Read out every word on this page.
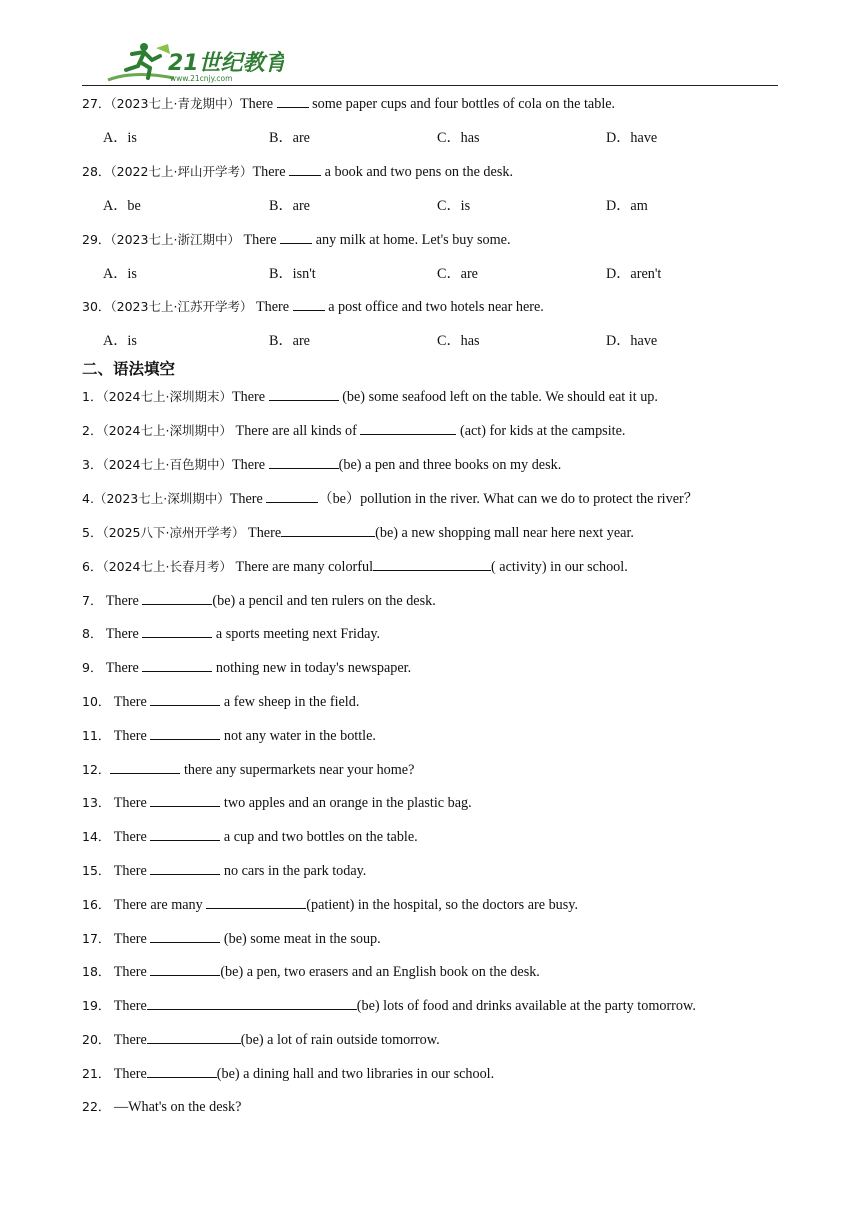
21世纪教育
www.21cnjy.com
27．（2023七上·青龙期中）There  some paper cups and four bottles of cola on the table.
A．is	B．are	C．has	D．have
28．（2022七上·坪山开学考）There  a book and two pens on the desk.
A．be	B．are	C．is	D．am
29．（2023七上·浙江期中） There  any milk at home. Let's buy some.
A．is	B．isn't	C．are	D．aren't
30．（2023七上·江苏开学考） There  a post office and two hotels near here.
A．is	B．are	C．has	D．have
二、语法填空
1．（2024七上·深圳期末）There	(be) some seafood left on the table. We should eat it up.
2．（2024七上·深圳期中） There are all kinds of	(act) for kids at the campsite.
3．（2024七上·百色期中）There	(be) a pen and three books on my desk.
4.（2023七上·深圳期中）There	（be）pollution in the river. What can we do to protect the river？
5．（2025八下·凉州开学考） There	(be) a new shopping mall near here next year.
6．（2024七上·长春月考） There are many colorful	( activity) in our school.
7． There	(be) a pencil and ten rulers on the desk.
8． There	a sports meeting next Friday.
9． There	nothing new in today's newspaper.
10． There	a few sheep in the field.
11． There	not any water in the bottle.
12．	there any supermarkets near your home?
13． There	two apples and an orange in the plastic bag.
14． There	a cup and two bottles on the table.
15． There	no cars in the park today.
16． There are many	(patient) in the hospital, so the doctors are busy.
17． There	(be) some meat in the soup.
18． There	(be) a pen, two erasers and an English book on the desk.
19． There	(be) lots of food and drinks available at the party tomorrow.
20． There	(be) a lot of rain outside tomorrow.
21． There	(be) a dining hall and two libraries in our school.
22． —What's on the desk?
